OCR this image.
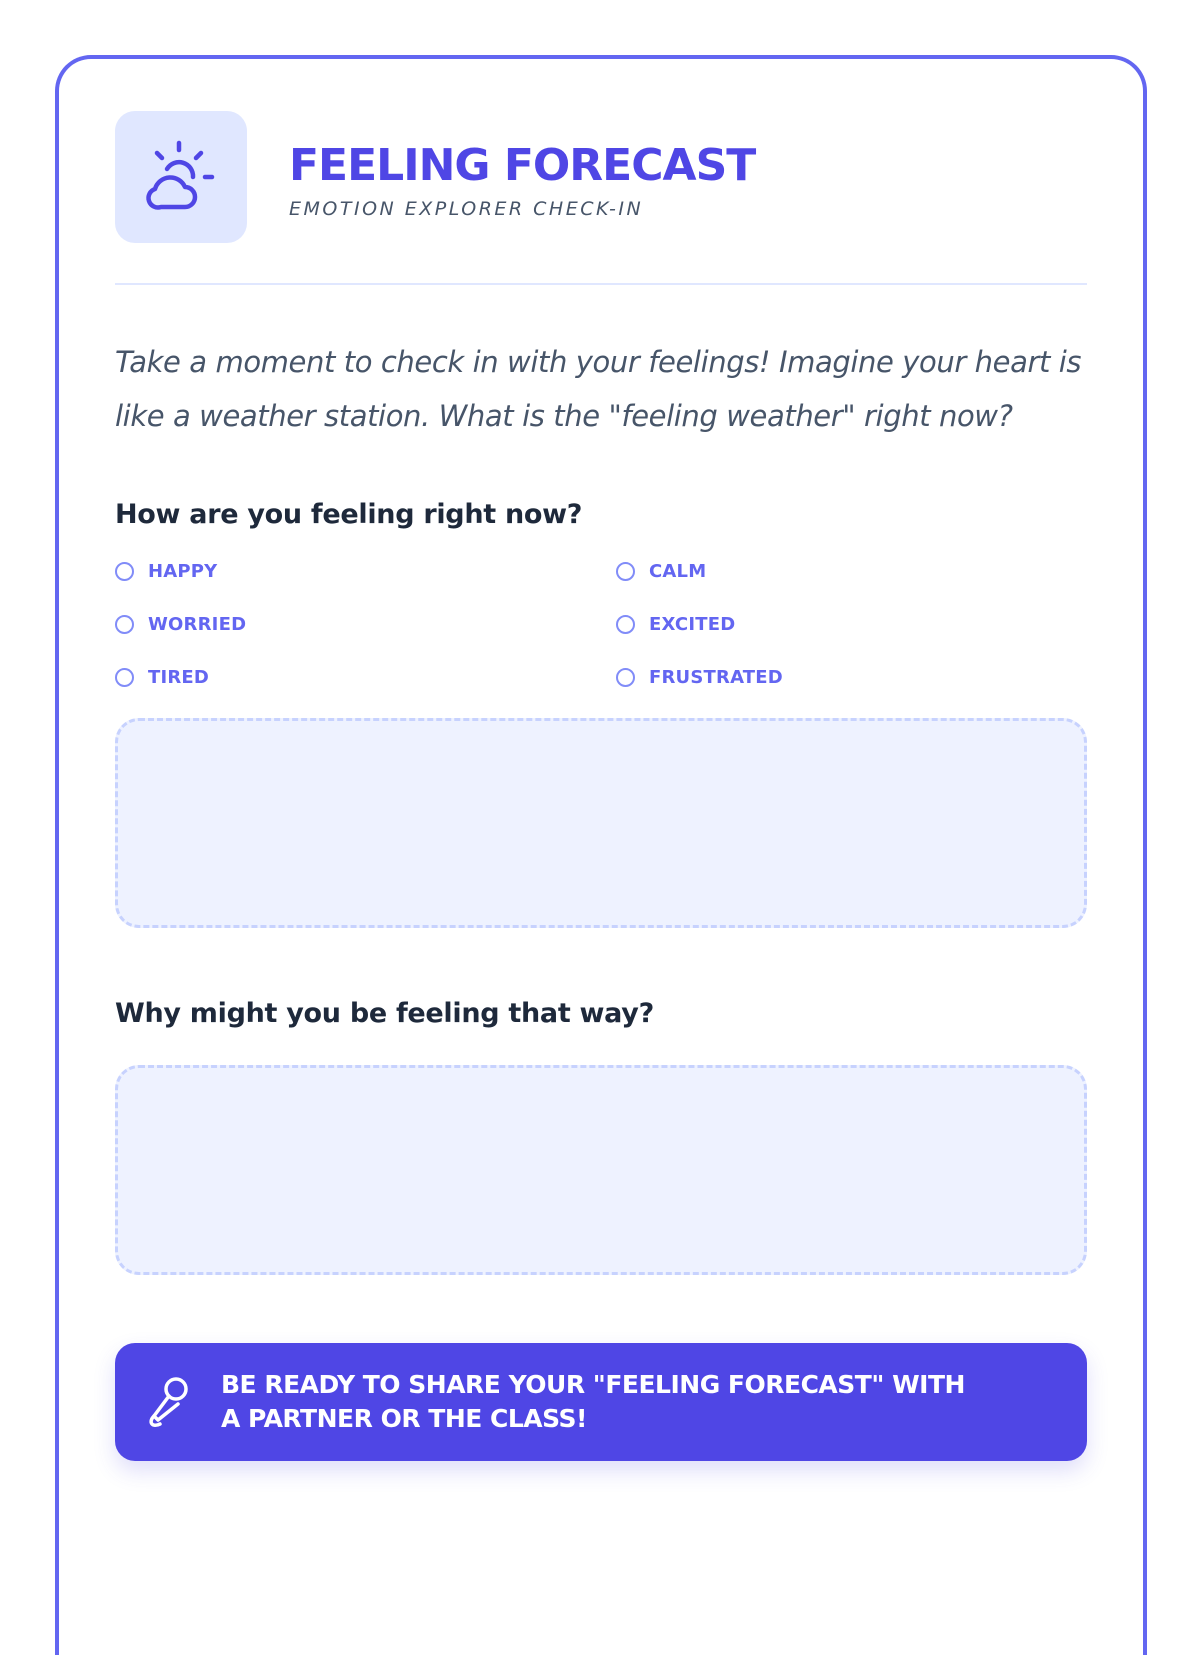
FEELING FORECAST
EMOTION EXPLORER CHECK-IN
Take a moment to check in with your feelings! Imagine your heart is like a weather station. What is the "feeling weather" right now?
How are you feeling right now?
HAPPY	CALM
WORRIED	EXCITED
TIRED	FRUSTRATED
Why might you be feeling that way?
BE READY TO SHARE YOUR "FEELING FORECAST" WITH A PARTNER OR THE CLASS!
